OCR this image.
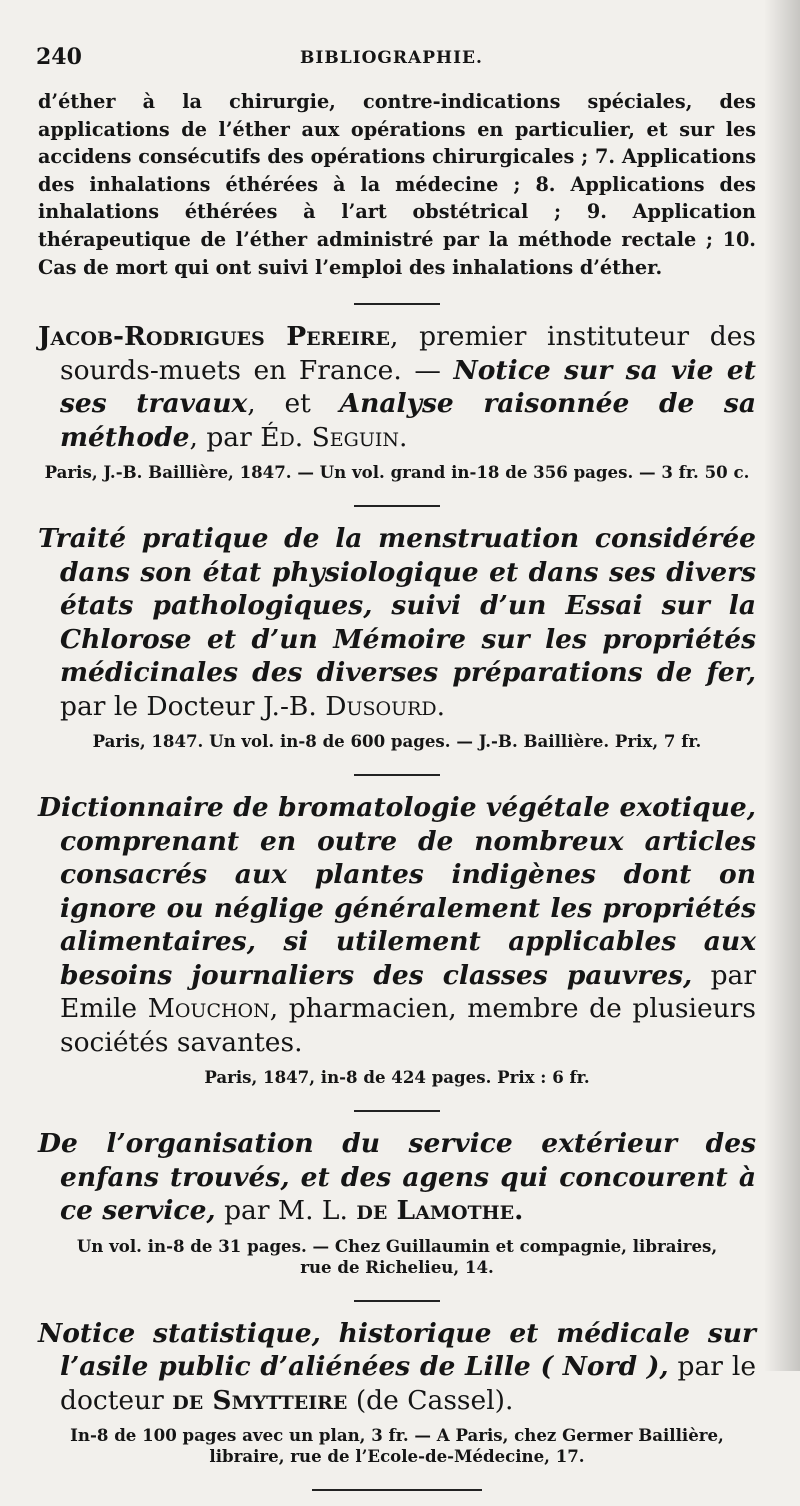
240	BIBLIOGRAPHIE.

d’éther à la chirurgie, contre-indications spéciales, des applications de l’éther aux opérations en particulier, et sur les accidens consécutifs des opérations chirurgicales ; 7. Applications des inhalations éthérées à la médecine ; 8. Applications des inhalations éthérées à l’art obstétrical ; 9. Application thérapeutique de l’éther administré par la méthode rectale ; 10. Cas de mort qui ont suivi l’emploi des inhalations d’éther.

Jacob-Rodrigues Pereire, premier instituteur des sourds-muets en France. — Notice sur sa vie et ses travaux, et Analyse raisonnée de sa méthode, par Éd. Seguin.

Paris, J.-B. Baillière, 1847. — Un vol. grand in-18 de 356 pages. — 3 fr. 50 c.

Traité pratique de la menstruation considérée dans son état physiologique et dans ses divers états pathologiques, suivi d’un Essai sur la Chlorose et d’un Mémoire sur les propriétés médicinales des diverses préparations de fer, par le Docteur J.-B. Dusourd.

Paris, 1847. Un vol. in-8 de 600 pages. — J.-B. Baillière. Prix, 7 fr.

Dictionnaire de bromatologie végétale exotique, comprenant en outre de nombreux articles consacrés aux plantes indigènes dont on ignore ou néglige généralement les propriétés alimentaires, si utilement applicables aux besoins journaliers des classes pauvres, par Emile Mouchon, pharmacien, membre de plusieurs sociétés savantes.

Paris, 1847, in-8 de 424 pages. Prix : 6 fr.

De l’organisation du service extérieur des enfans trouvés, et des agens qui concourent à ce service, par M. L. de Lamothe.

Un vol. in-8 de 31 pages. — Chez Guillaumin et compagnie, libraires,
rue de Richelieu, 14.

Notice statistique, historique et médicale sur l’asile public d’aliénées de Lille ( Nord ), par le docteur de Smytteire (de Cassel).

In-8 de 100 pages avec un plan, 3 fr. — A Paris, chez Germer Baillière,
libraire, rue de l’Ecole-de-Médecine, 17.
